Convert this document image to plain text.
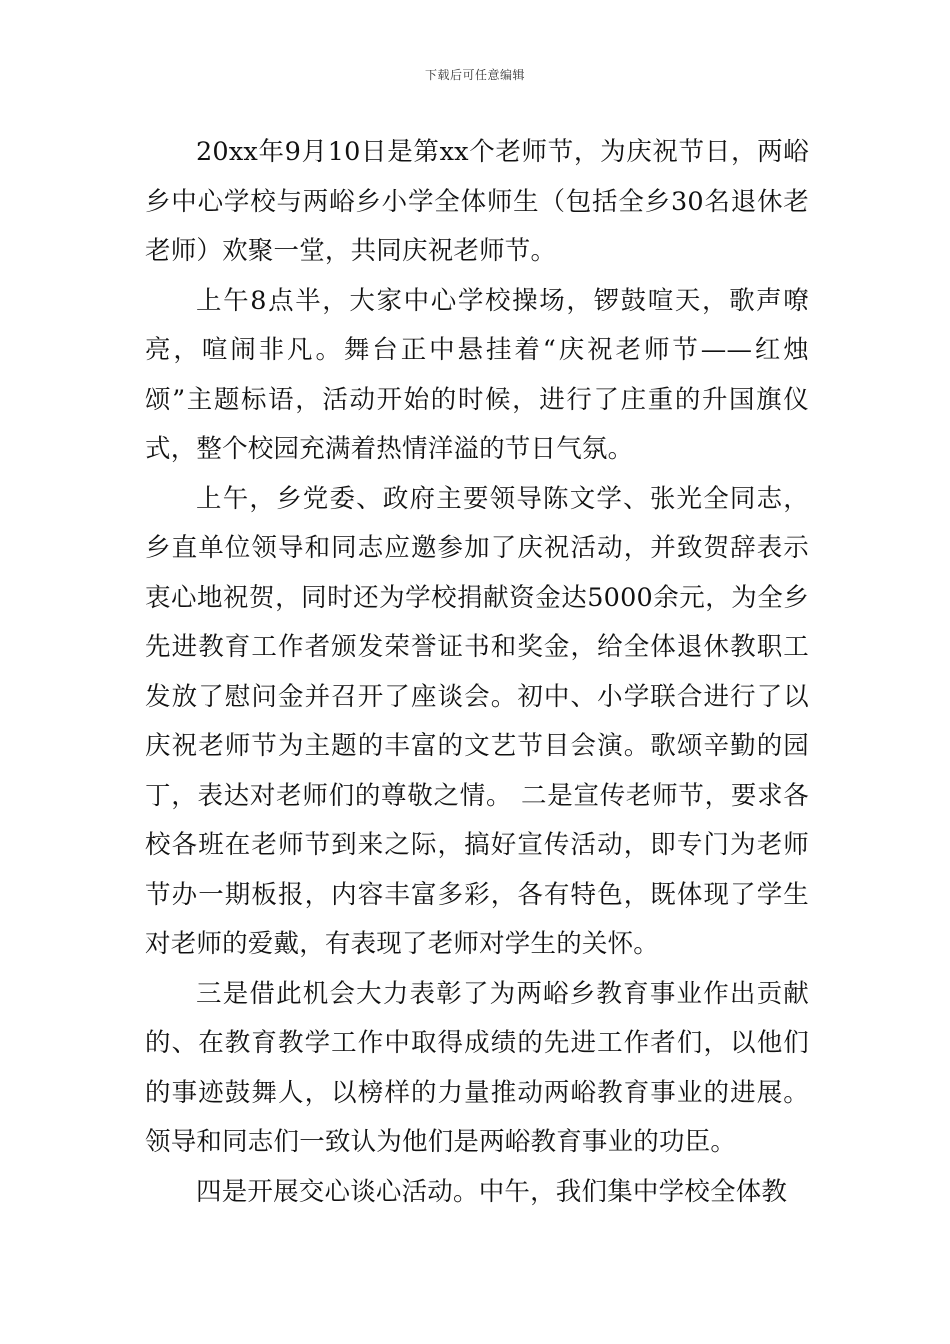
下载后可任意编辑

20xx年9月10日是第xx个老师节，为庆祝节日，两峪乡中心学校与两峪乡小学全体师生（包括全乡30名退休老老师）欢聚一堂，共同庆祝老师节。

上午8点半，大家中心学校操场，锣鼓喧天，歌声嘹亮，喧闹非凡。舞台正中悬挂着“庆祝老师节——红烛颂”主题标语，活动开始的时候，进行了庄重的升国旗仪式，整个校园充满着热情洋溢的节日气氛。

上午，乡党委、政府主要领导陈文学、张光全同志，乡直单位领导和同志应邀参加了庆祝活动，并致贺辞表示衷心地祝贺，同时还为学校捐献资金达5000余元，为全乡先进教育工作者颁发荣誉证书和奖金，给全体退休教职工发放了慰问金并召开了座谈会。初中、小学联合进行了以庆祝老师节为主题的丰富的文艺节目会演。歌颂辛勤的园丁，表达对老师们的尊敬之情。 二是宣传老师节，要求各校各班在老师节到来之际，搞好宣传活动，即专门为老师节办一期板报，内容丰富多彩，各有特色，既体现了学生对老师的爱戴，有表现了老师对学生的关怀。

三是借此机会大力表彰了为两峪乡教育事业作出贡献的、在教育教学工作中取得成绩的先进工作者们，以他们的事迹鼓舞人，以榜样的力量推动两峪教育事业的进展。领导和同志们一致认为他们是两峪教育事业的功臣。

四是开展交心谈心活动。中午，我们集中学校全体教
